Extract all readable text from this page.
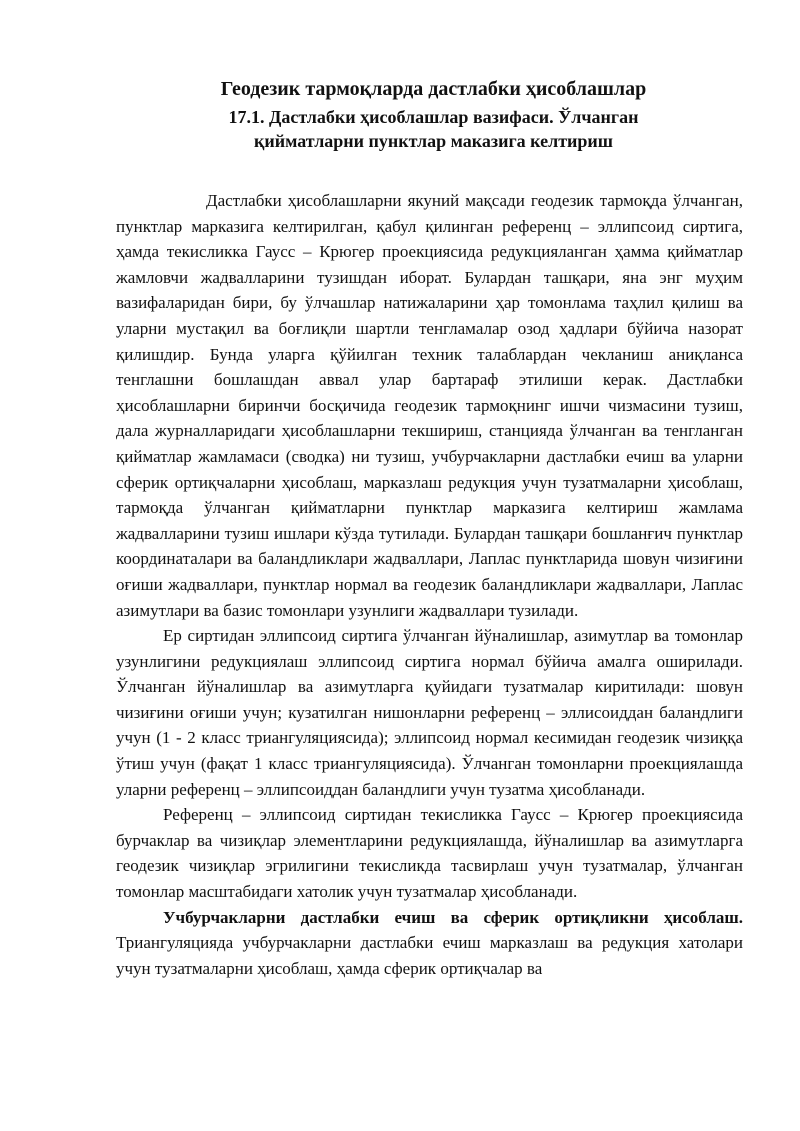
Геодезик тармоқларда дастлабки ҳисоблашлар
17.1. Дастлабки ҳисоблашлар вазифаси. Ўлчанган
қийматларни пунктлар маказига келтириш

Дастлабки ҳисоблашларни якуний мақсади геодезик тармоқда ўлчанган, пунктлар марказига келтирилган, қабул қилинган референц – эллипсоид сиртига, ҳамда текисликка Гаусс – Крюгер проекциясида редукцияланган ҳамма қийматлар жамловчи жадвалларини тузишдан иборат. Булардан ташқари, яна энг муҳим вазифаларидан бири, бу ўлчашлар натижаларини ҳар томонлама таҳлил қилиш ва уларни мустақил ва боғлиқли шартли тенгламалар озод ҳадлари бўйича назорат қилишдир. Бунда уларга қўйилган техник талаблардан чекланиш аниқланса тенглашни бошлашдан аввал улар бартараф этилиши керак. Дастлабки ҳисоблашларни биринчи босқичида геодезик тармоқнинг ишчи чизмасини тузиш, дала журналларидаги ҳисоблашларни текшириш, станцияда ўлчанган ва тенгланган қийматлар жамламаси (сводка) ни тузиш, учбурчакларни дастлабки ечиш ва уларни сферик ортиқчаларни ҳисоблаш, марказлаш редукция учун тузатмаларни ҳисоблаш, тармоқда ўлчанган қийматларни пунктлар марказига келтириш жамлама жадвалларини тузиш ишлари кўзда тутилади. Булардан ташқари бошланғич пунктлар координаталари ва баландликлари жадваллари, Лаплас пунктларида шовун чизиғини оғиши жадваллари, пунктлар нормал ва геодезик баландликлари жадваллари, Лаплас азимутлари ва базис томонлари узунлиги жадваллари тузилади.

Ер сиртидан эллипсоид сиртига ўлчанган йўналишлар, азимутлар ва томонлар узунлигини редукциялаш эллипсоид сиртига нормал бўйича амалга оширилади. Ўлчанган йўналишлар ва азимутларга қуйидаги тузатмалар киритилади: шовун чизиғини оғиши учун; кузатилган нишонларни референц – эллисоиддан баландлиги учун (1 - 2 класс триангуляциясида); эллипсоид нормал кесимидан геодезик чизиққа ўтиш учун (фақат 1 класс триангуляциясида). Ўлчанган томонларни проекциялашда уларни референц – эллипсоиддан баландлиги учун тузатма ҳисобланади.

Референц – эллипсоид сиртидан текисликка Гаусс – Крюгер проекциясида бурчаклар ва чизиқлар элементларини редукциялашда, йўналишлар ва азимутларга геодезик чизиқлар эгрилигини текисликда тасвирлаш учун тузатмалар, ўлчанган томонлар масштабидаги хатолик учун тузатмалар ҳисобланади.

Учбурчакларни дастлабки ечиш ва сферик ортиқликни ҳисоблаш. Триангуляцияда учбурчакларни дастлабки ечиш марказлаш ва редукция хатолари учун тузатмаларни ҳисоблаш, ҳамда сферик ортиқчалар ва
